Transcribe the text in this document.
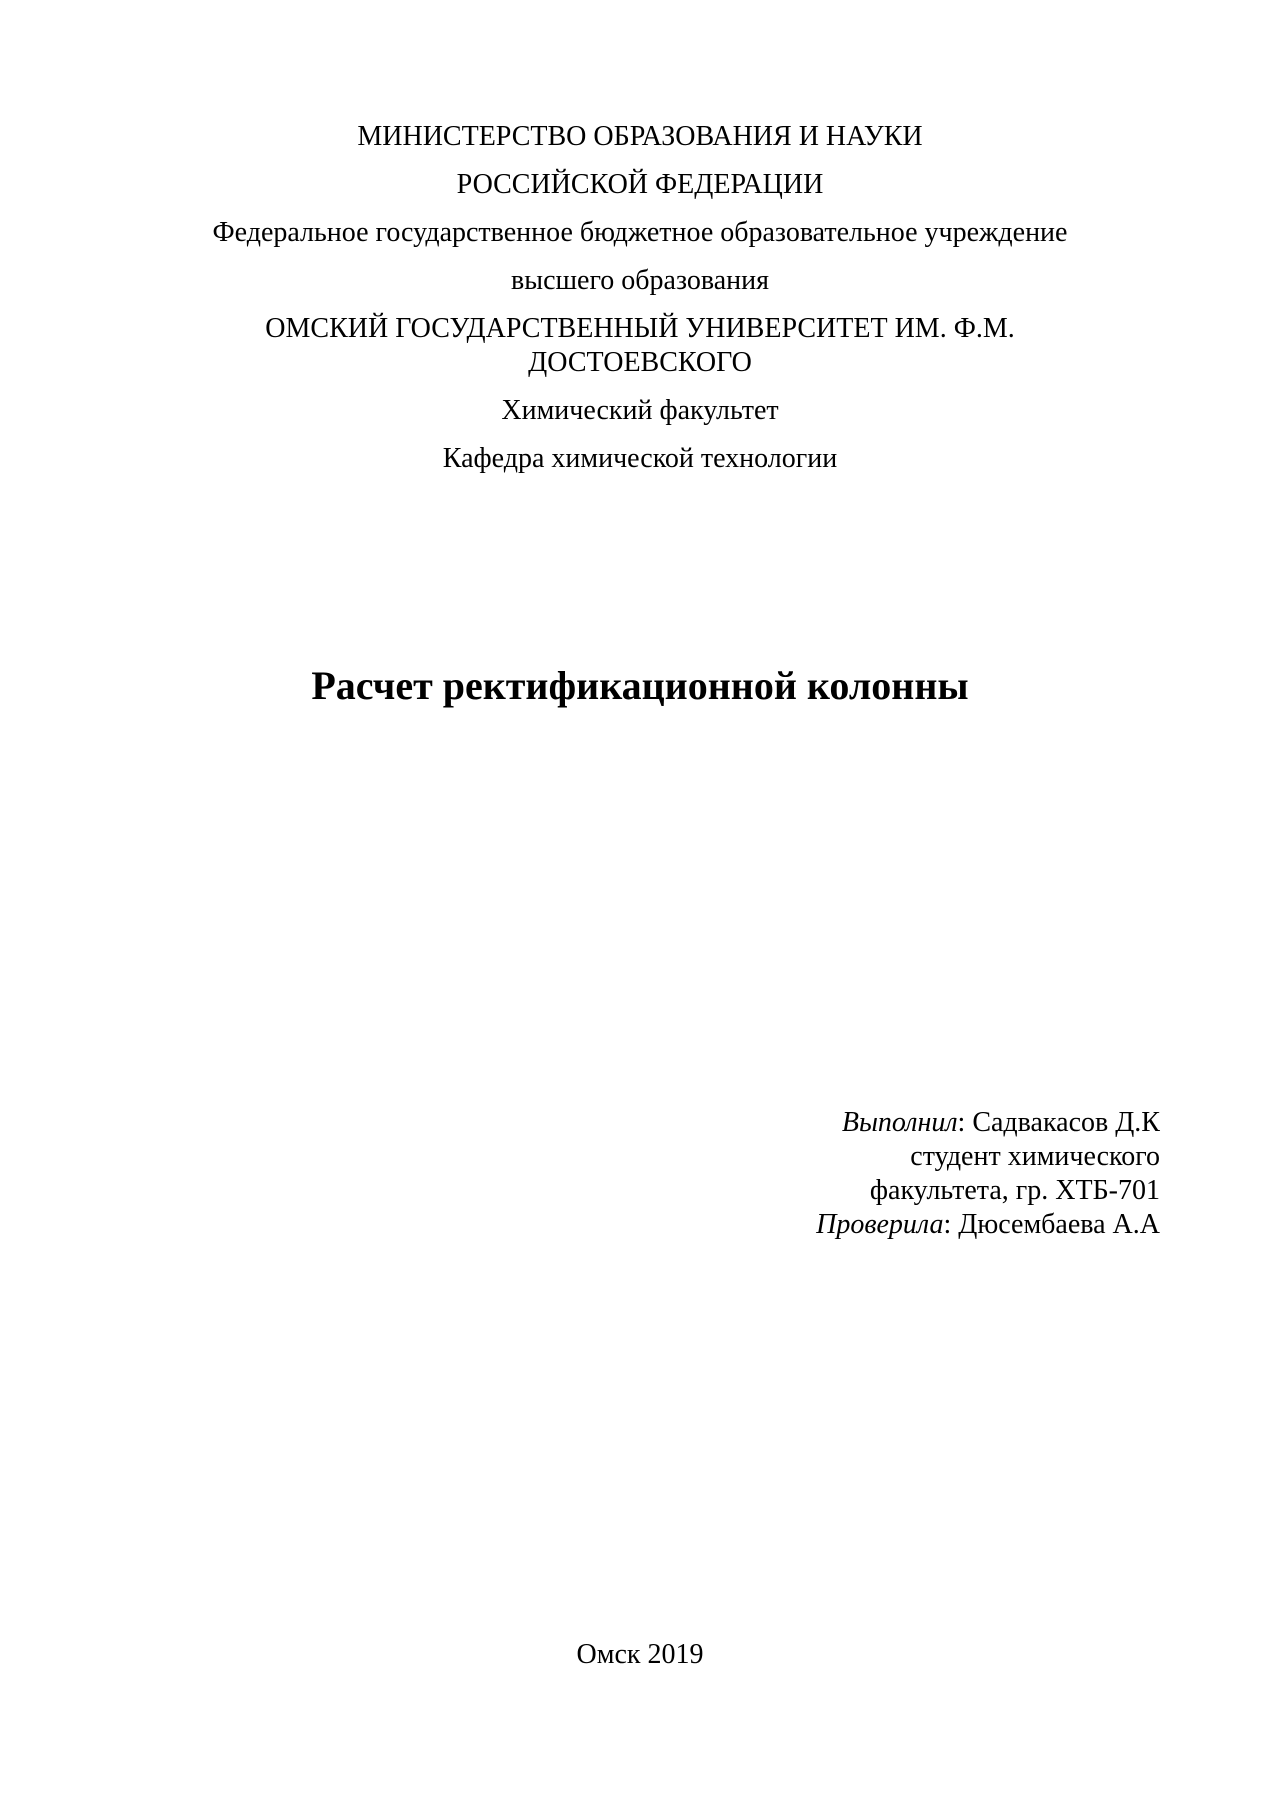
МИНИСТЕРСТВО ОБРАЗОВАНИЯ И НАУКИ
РОССИЙСКОЙ ФЕДЕРАЦИИ
Федеральное государственное бюджетное образовательное учреждение
высшего образования
ОМСКИЙ ГОСУДАРСТВЕННЫЙ УНИВЕРСИТЕТ ИМ. Ф.М.
ДОСТОЕВСКОГО
Химический факультет
Кафедра химической технологии
Расчет ректификационной колонны
Выполнил: Садвакасов Д.К
студент химического
факультета, гр. ХТБ-701
Проверила: Дюсембаева А.А
Омск 2019
